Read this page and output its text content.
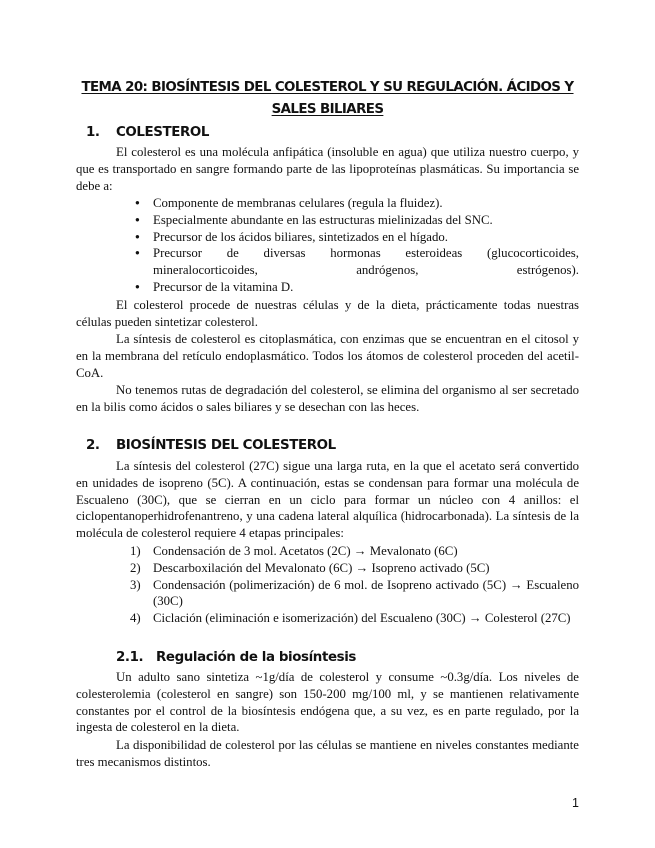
TEMA 20: BIOSÍNTESIS DEL COLESTEROL Y SU REGULACIÓN. ÁCIDOS Y SALES BILIARES
1. COLESTEROL

El colesterol es una molécula anfipática (insoluble en agua) que utiliza nuestro cuerpo, y que es transportado en sangre formando parte de las lipoproteínas plasmáticas. Su importancia se debe a:

● Componente de membranas celulares (regula la fluidez).
● Especialmente abundante en las estructuras mielinizadas del SNC.
● Precursor de los ácidos biliares, sintetizados en el hígado.
● Precursor de diversas hormonas esteroideas (glucocorticoides, mineralocorticoides, andrógenos, estrógenos).
● Precursor de la vitamina D.

El colesterol procede de nuestras células y de la dieta, prácticamente todas nuestras células pueden sintetizar colesterol.

La síntesis de colesterol es citoplasmática, con enzimas que se encuentran en el citosol y en la membrana del retículo endoplasmático. Todos los átomos de colesterol proceden del acetil-CoA.

No tenemos rutas de degradación del colesterol, se elimina del organismo al ser secretado en la bilis como ácidos o sales biliares y se desechan con las heces.

2. BIOSÍNTESIS DEL COLESTEROL

La síntesis del colesterol (27C) sigue una larga ruta, en la que el acetato será convertido en unidades de isopreno (5C). A continuación, estas se condensan para formar una molécula de Escualeno (30C), que se cierran en un ciclo para formar un núcleo con 4 anillos: el ciclopentanoperhidrofenantreno, y una cadena lateral alquílica (hidrocarbonada). La síntesis de la molécula de colesterol requiere 4 etapas principales:

1) Condensación de 3 mol. Acetatos (2C) → Mevalonato (6C)
2) Descarboxilación del Mevalonato (6C) → Isopreno activado (5C)
3) Condensación (polimerización) de 6 mol. de Isopreno activado (5C) → Escualeno (30C)
4) Ciclación (eliminación e isomerización) del Escualeno (30C) → Colesterol (27C)
2.1. Regulación de la biosíntesis

Un adulto sano sintetiza ~1g/día de colesterol y consume ~0.3g/día. Los niveles de colesterolemia (colesterol en sangre) son 150-200 mg/100 ml, y se mantienen relativamente constantes por el control de la biosíntesis endógena que, a su vez, es en parte regulado, por la ingesta de colesterol en la dieta.

La disponibilidad de colesterol por las células se mantiene en niveles constantes mediante tres mecanismos distintos.

1
